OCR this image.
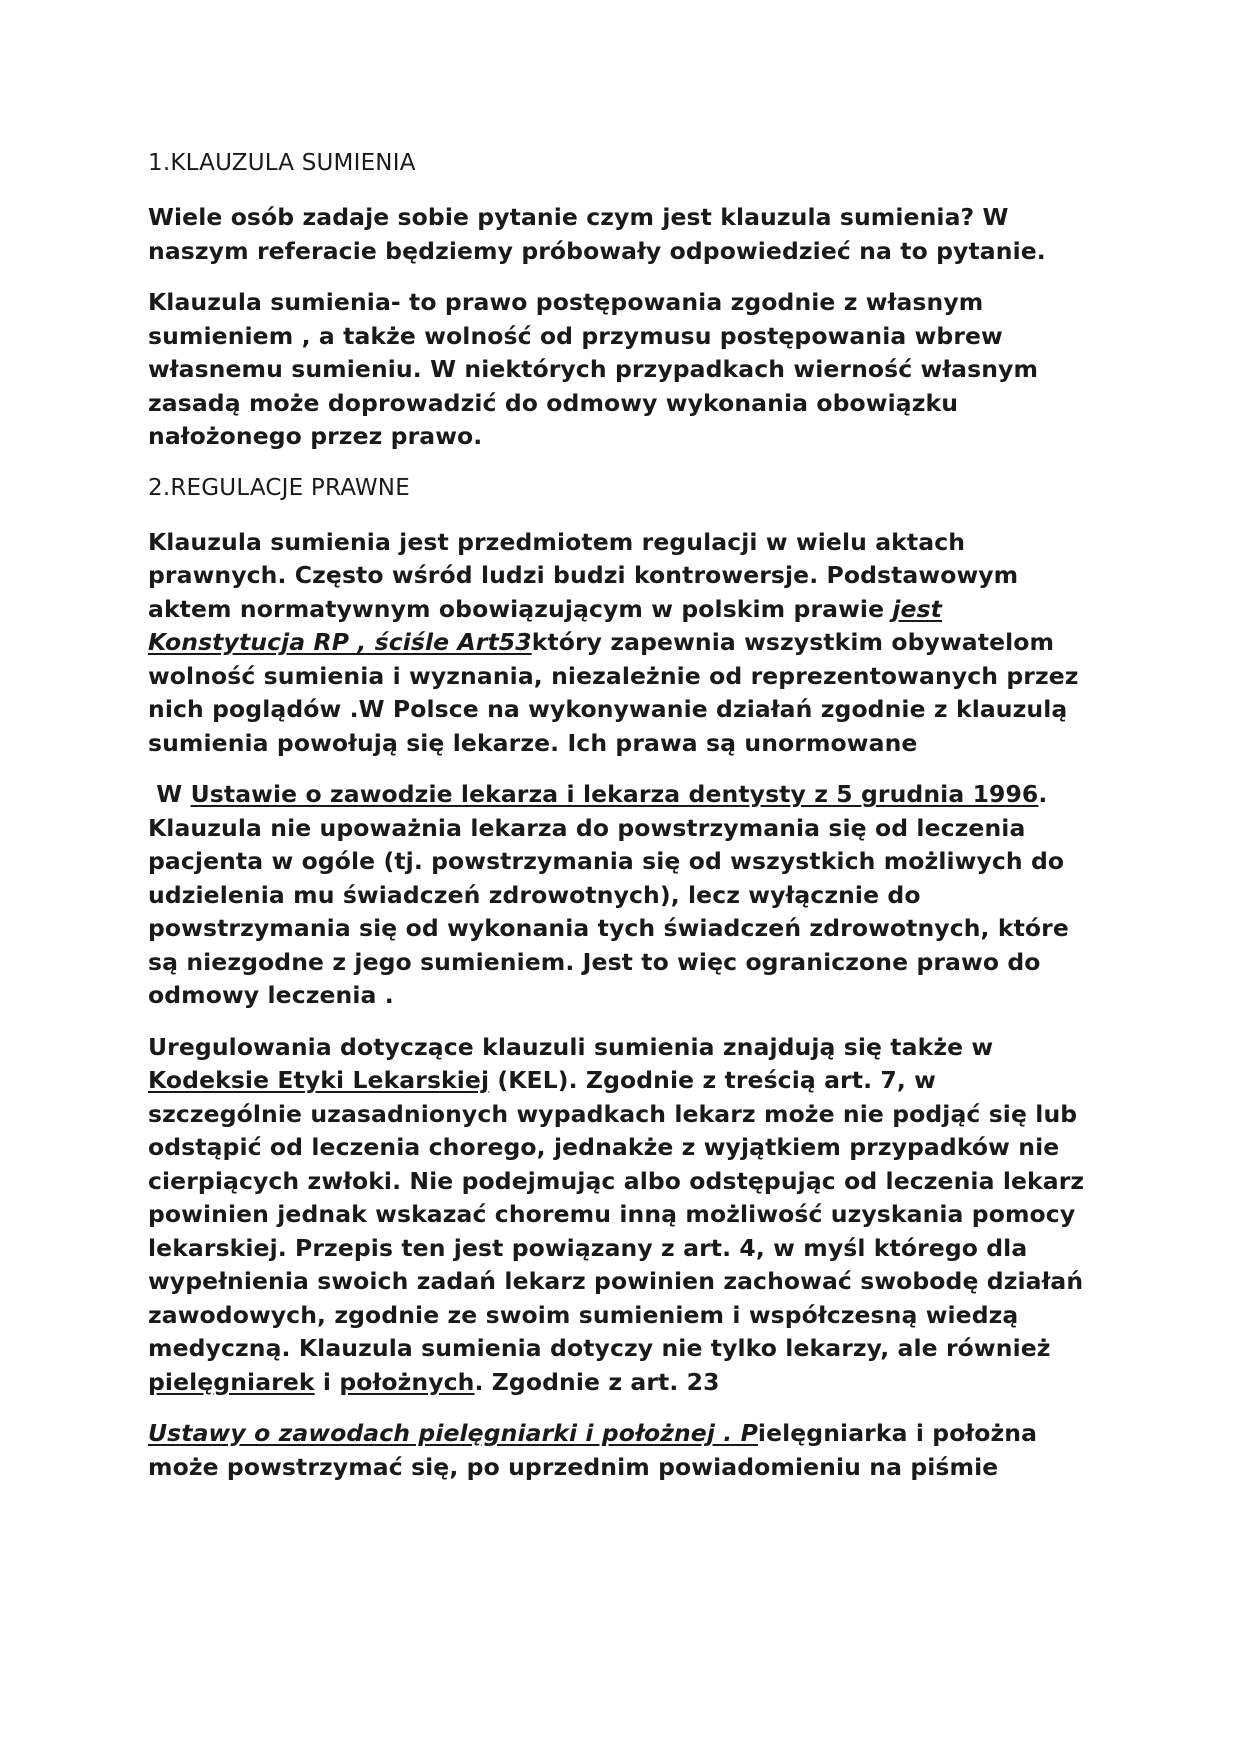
1.KLAUZULA SUMIENIA

Wiele osób zadaje sobie pytanie czym jest klauzula sumienia? W naszym referacie będziemy próbowały odpowiedzieć na to pytanie.

Klauzula sumienia- to prawo postępowania zgodnie z własnym sumieniem , a także wolność od przymusu postępowania wbrew własnemu sumieniu. W niektórych przypadkach wierność własnym zasadą może doprowadzić do odmowy wykonania obowiązku nałożonego przez prawo.

2.REGULACJE PRAWNE

Klauzula sumienia jest przedmiotem regulacji w wielu aktach prawnych. Często wśród ludzi budzi kontrowersje. Podstawowym aktem normatywnym obowiązującym w polskim prawie jest Konstytucja RP , ściśle Art53który zapewnia wszystkim obywatelom wolność sumienia i wyznania, niezależnie od reprezentowanych przez nich poglądów .W Polsce na wykonywanie działań zgodnie z klauzulą sumienia powołują się lekarze. Ich prawa są unormowane

W Ustawie o zawodzie lekarza i lekarza dentysty z 5 grudnia 1996. Klauzula nie upoważnia lekarza do powstrzymania się od leczenia pacjenta w ogóle (tj. powstrzymania się od wszystkich możliwych do udzielenia mu świadczeń zdrowotnych), lecz wyłącznie do powstrzymania się od wykonania tych świadczeń zdrowotnych, które są niezgodne z jego sumieniem. Jest to więc ograniczone prawo do odmowy leczenia .

Uregulowania dotyczące klauzuli sumienia znajdują się także w Kodeksie Etyki Lekarskiej (KEL). Zgodnie z treścią art. 7, w szczególnie uzasadnionych wypadkach lekarz może nie podjąć się lub odstąpić od leczenia chorego, jednakże z wyjątkiem przypadków nie cierpiących zwłoki. Nie podejmując albo odstępując od leczenia lekarz powinien jednak wskazać choremu inną możliwość uzyskania pomocy lekarskiej. Przepis ten jest powiązany z art. 4, w myśl którego dla wypełnienia swoich zadań lekarz powinien zachować swobodę działań zawodowych, zgodnie ze swoim sumieniem i współczesną wiedzą medyczną. Klauzula sumienia dotyczy nie tylko lekarzy, ale również pielęgniarek i położnych. Zgodnie z art. 23

Ustawy o zawodach pielęgniarki i położnej . Pielęgniarka i położna może powstrzymać się, po uprzednim powiadomieniu na piśmie
